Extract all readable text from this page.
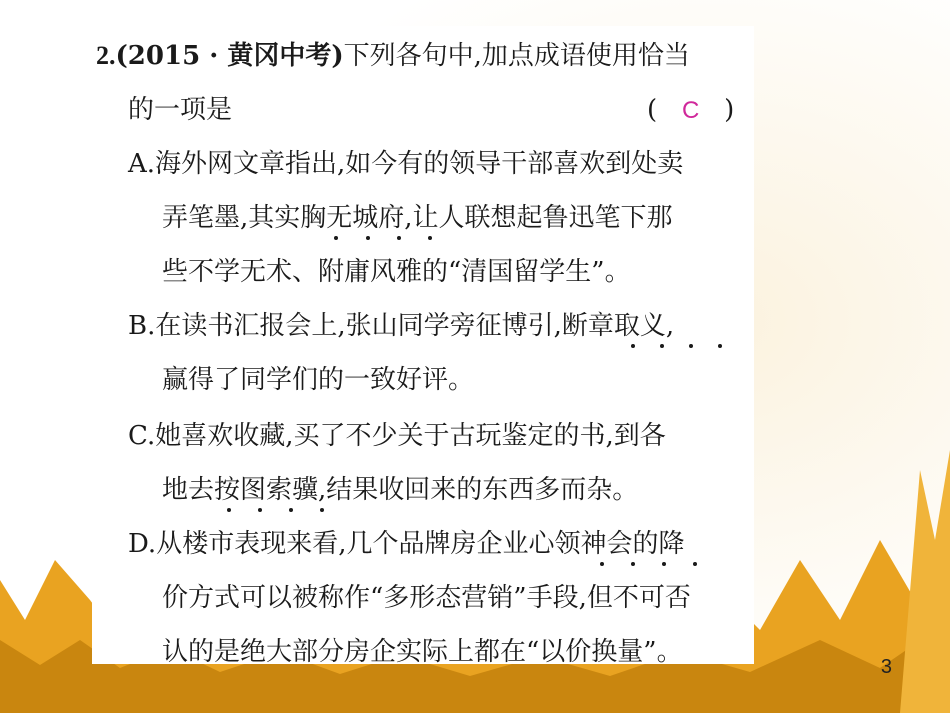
2.(2015 · 黄冈中考)下列各句中,加点成语使用恰当
的一项是	( C )
A.海外网文章指出,如今有的领导干部喜欢到处卖
弄笔墨,其实胸无城府,让人联想起鲁迅笔下那
些不学无术、附庸风雅的“清国留学生”。
B.在读书汇报会上,张山同学旁征博引,断章取义,
赢得了同学们的一致好评。
C.她喜欢收藏,买了不少关于古玩鉴定的书,到各
地去按图索骥,结果收回来的东西多而杂。
D.从楼市表现来看,几个品牌房企业心领神会的降
价方式可以被称作“多形态营销”手段,但不可否
认的是绝大部分房企实际上都在“以价换量”。	3
